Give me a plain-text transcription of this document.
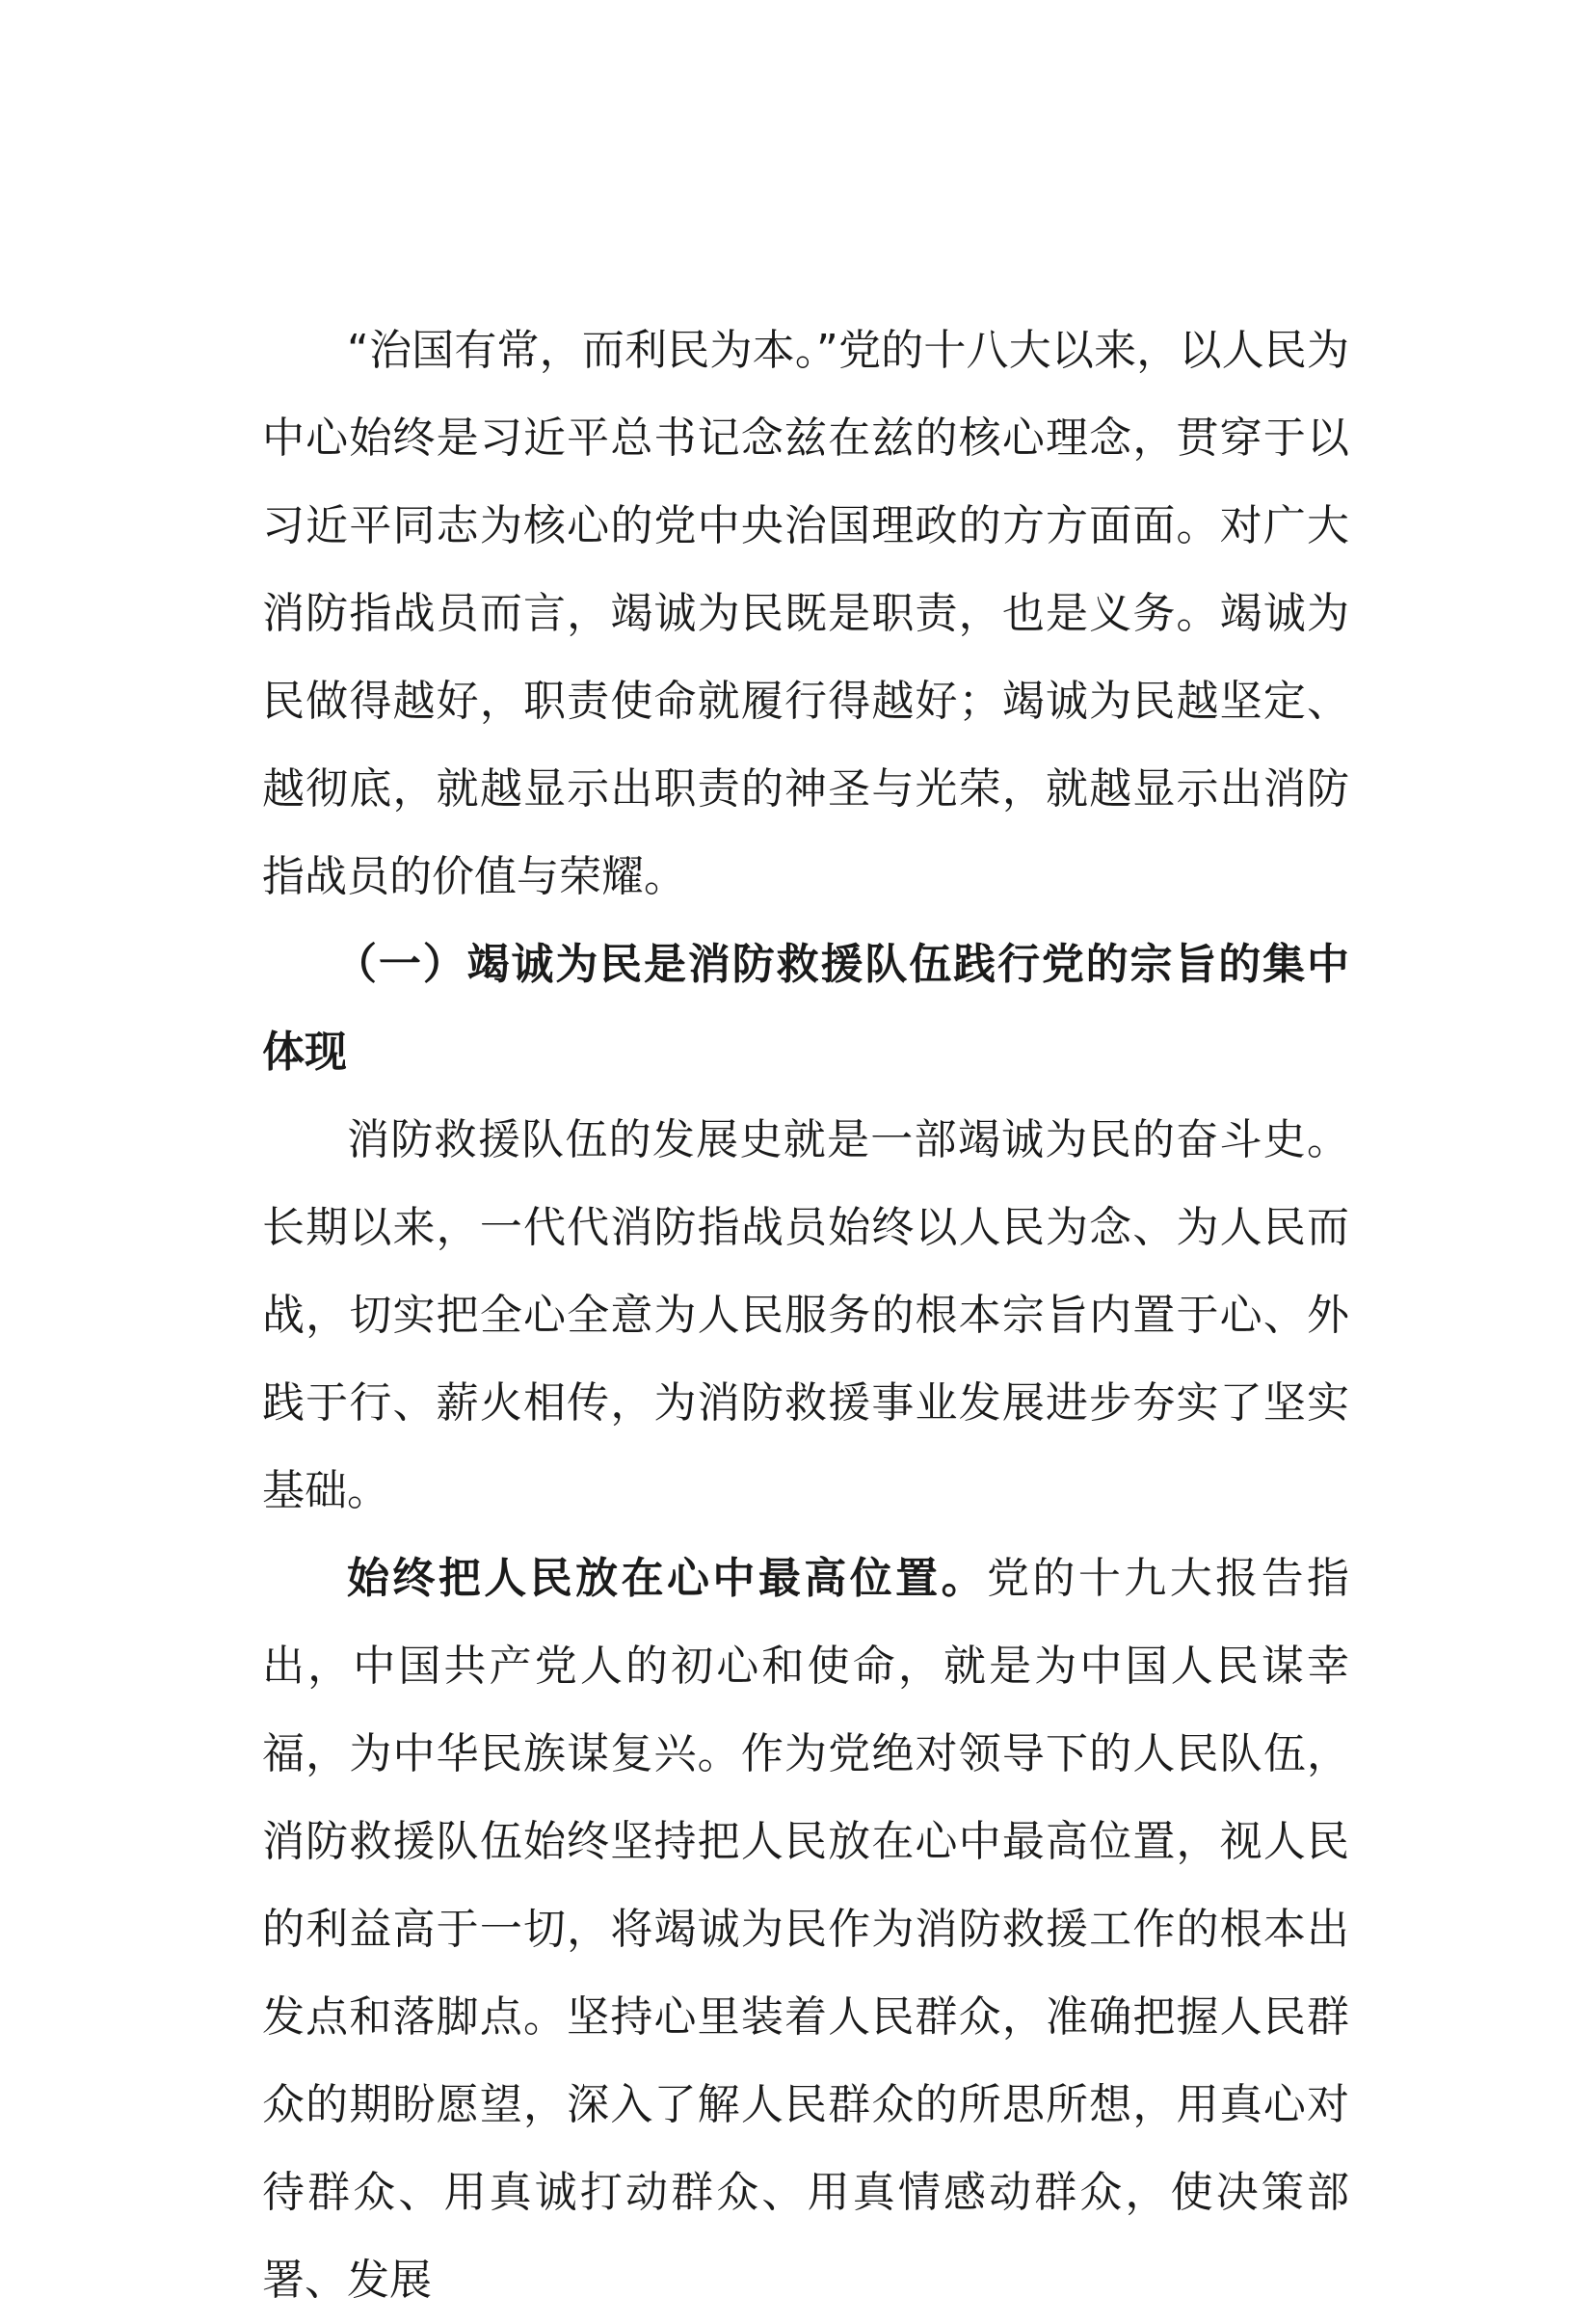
“治国有常，而利民为本。”党的十八大以来，以人民为中心始终是习近平总书记念兹在兹的核心理念，贯穿于以习近平同志为核心的党中央治国理政的方方面面。对广大消防指战员而言，竭诚为民既是职责，也是义务。竭诚为民做得越好，职责使命就履行得越好；竭诚为民越坚定、越彻底，就越显示出职责的神圣与光荣，就越显示出消防指战员的价值与荣耀。

（一）竭诚为民是消防救援队伍践行党的宗旨的集中体现

消防救援队伍的发展史就是一部竭诚为民的奋斗史。长期以来，一代代消防指战员始终以人民为念、为人民而战，切实把全心全意为人民服务的根本宗旨内置于心、外践于行、薪火相传，为消防救援事业发展进步夯实了坚实基础。

始终把人民放在心中最高位置。党的十九大报告指出，中国共产党人的初心和使命，就是为中国人民谋幸福，为中华民族谋复兴。作为党绝对领导下的人民队伍，消防救援队伍始终坚持把人民放在心中最高位置，视人民的利益高于一切，将竭诚为民作为消防救援工作的根本出发点和落脚点。坚持心里装着人民群众，准确把握人民群众的期盼愿望，深入了解人民群众的所思所想，用真心对待群众、用真诚打动群众、用真情感动群众，使决策部署、发展
